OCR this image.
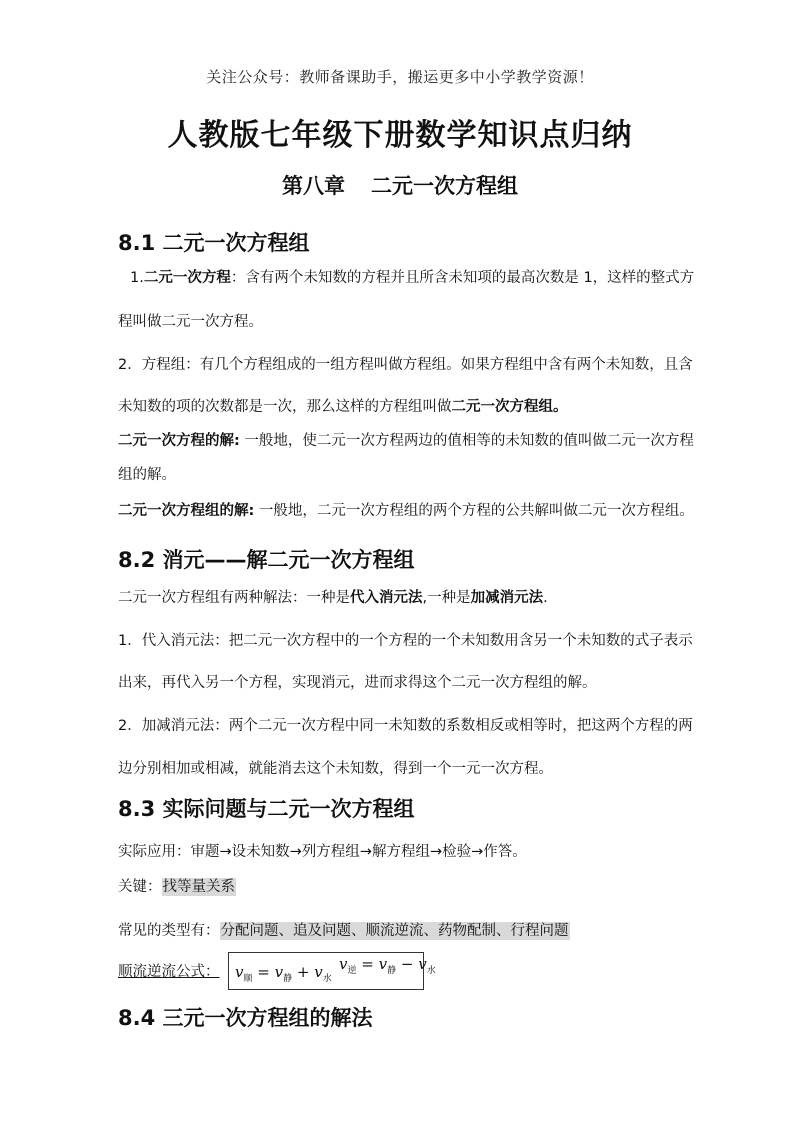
关注公众号：教师备课助手，搬运更多中小学教学资源！
人教版七年级下册数学知识点归纳
第八章 二元一次方程组
8.1 二元一次方程组
1.二元一次方程：含有两个未知数的方程并且所含未知项的最高次数是 1，这样的整式方
程叫做二元一次方程。
2．方程组：有几个方程组成的一组方程叫做方程组。如果方程组中含有两个未知数，且含
未知数的项的次数都是一次，那么这样的方程组叫做二元一次方程组。
二元一次方程的解: 一般地，使二元一次方程两边的值相等的未知数的值叫做二元一次方程
组的解。
二元一次方程组的解: 一般地，二元一次方程组的两个方程的公共解叫做二元一次方程组。
8.2 消元——解二元一次方程组
二元一次方程组有两种解法：一种是代入消元法,一种是加减消元法.
1．代入消元法：把二元一次方程中的一个方程的一个未知数用含另一个未知数的式子表示
出来，再代入另一个方程，实现消元，进而求得这个二元一次方程组的解。
2．加减消元法：两个二元一次方程中同一未知数的系数相反或相等时，把这两个方程的两
边分别相加或相减，就能消去这个未知数，得到一个一元一次方程。
8.3 实际问题与二元一次方程组
实际应用：审题→设未知数→列方程组→解方程组→检验→作答。
关键：找等量关系
常见的类型有：分配问题、追及问题、顺流逆流、药物配制、行程问题
顺流逆流公式： $v_顺 = v_静 + v_水$
$v_逆 = v_静 - v_水$
8.4 三元一次方程组的解法
